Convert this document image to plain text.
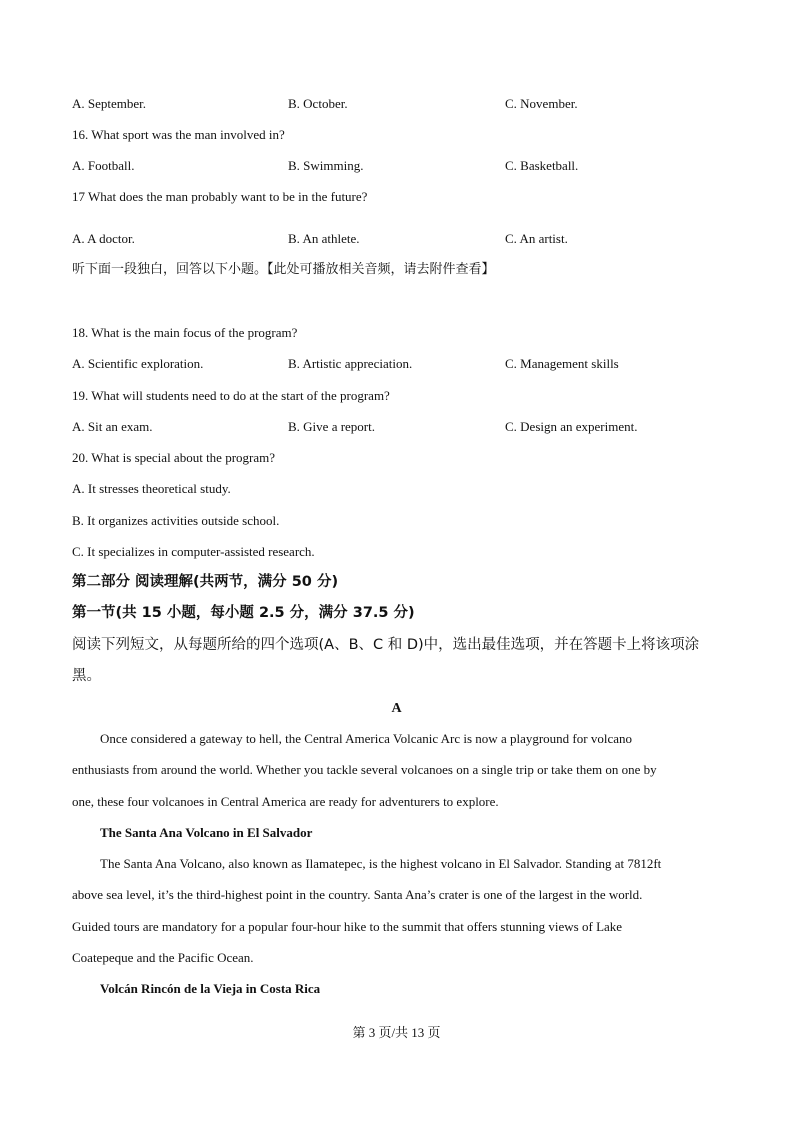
A. September.	B. October.	C. November.
16. What sport was the man involved in?
A. Football.	B. Swimming.	C. Basketball.
17 What does the man probably want to be in the future?
A. A doctor.	B. An athlete.	C. An artist.
听下面一段独白，回答以下小题。【此处可播放相关音频，请去附件查看】
18. What is the main focus of the program?
A. Scientific exploration.	B. Artistic appreciation.	C. Management skills
19. What will students need to do at the start of the program?
A. Sit an exam.	B. Give a report.	C. Design an experiment.
20. What is special about the program?
A. It stresses theoretical study.
B. It organizes activities outside school.
C. It specializes in computer-assisted research.
第二部分 阅读理解(共两节，满分 50 分)
第一节(共 15 小题，每小题 2.5 分，满分 37.5 分)
阅读下列短文，从每题所给的四个选项(A、B、C 和 D)中，选出最佳选项，并在答题卡上将该项涂黑。
A
Once considered a gateway to hell, the Central America Volcanic Arc is now a playground for volcano
enthusiasts from around the world. Whether you tackle several volcanoes on a single trip or take them on one by
one, these four volcanoes in Central America are ready for adventurers to explore.
The Santa Ana Volcano in El Salvador
The Santa Ana Volcano, also known as Ilamatepec, is the highest volcano in El Salvador. Standing at 7812ft
above sea level, it’s the third-highest point in the country. Santa Ana’s crater is one of the largest in the world.
Guided tours are mandatory for a popular four-hour hike to the summit that offers stunning views of Lake
Coatepeque and the Pacific Ocean.
Volcán Rincón de la Vieja in Costa Rica
第 3 页/共 13 页
